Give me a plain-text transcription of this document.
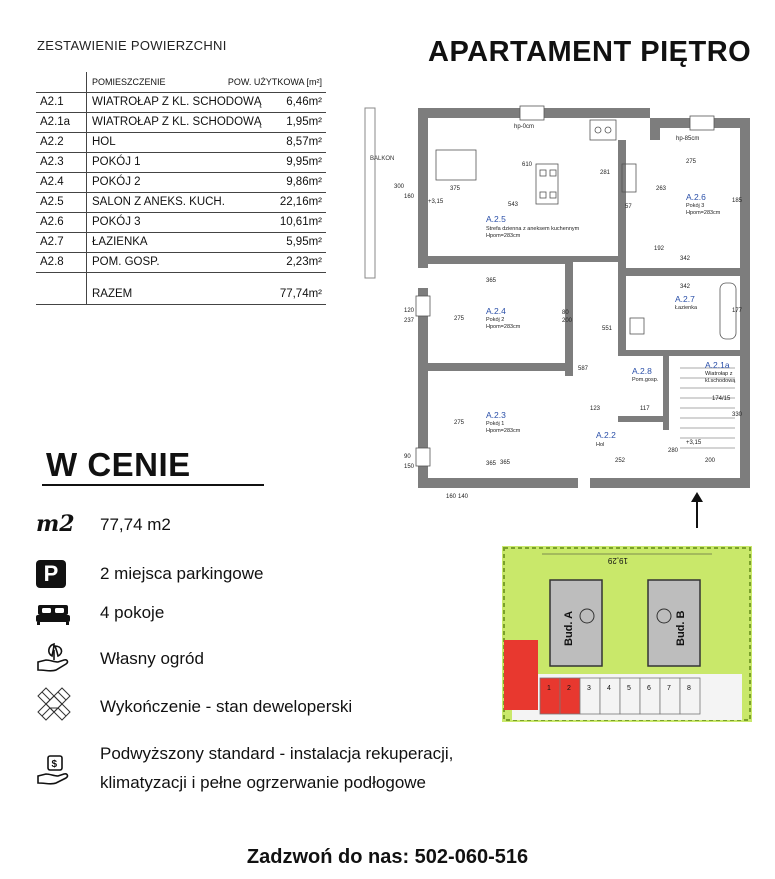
ZESTAWIENIE POWIERZCHNI
POMIESZCZENIE	POW. UŻYTKOWA [m²]
A2.1 WIATROŁAP Z KL. SCHODOWĄ 6,46m²
A2.1a WIATROŁAP Z KL. SCHODOWĄ 1,95m²
A2.2 HOL	8,57m²
A2.3 POKÓJ 1	9,95m²
A2.4 POKÓJ 2	9,86m²
A2.5 SALON Z ANEKS. KUCH.	22,16m²
A2.6 POKÓJ 3	10,61m²
A2.7 ŁAZIENKA	5,95m²
A2.8 POM. GOSP.	2,23m²
RAZEM	77,74m²
APARTAMENT PIĘTRO
BALKON
A.2.5
A.2.6
A.2.4
A.2.7
A.2.8
A.2.1a
A.2.3
A.2.2
Strefa dzienna z aneksem kuchennym
Hpom=283cm
Pokój 3
Hpom=283cm
Pokój 2
Hpom=283cm
Łazienka
Pom.gosp.
Wiatrołap z
kl.schodową
Pokój 1
Hpom=283cm
Hol
610
543
375
281
57
275
263
365
342
365
342
275
80
200
551
587
123	117
275
365	252	200
280
90
120
237
150
160 140
300
+3,15
hp-0cm
hp-85cm
185
174/15
177
192
160
+3,15
330
W CENIE
m2 77,74 m2
P	2 miejsca parkingowe
4 pokoje
Własny ogród
Wykończenie - stan deweloperski
$
Podwyższony standard - instalacja rekuperacji,
klimatyzacji i pełne ogrzerwanie podłogowe
1 2 3 4 5 6 7 8
Bud. A	Bud. B
19,29
Zadzwoń do nas: 502-060-516
